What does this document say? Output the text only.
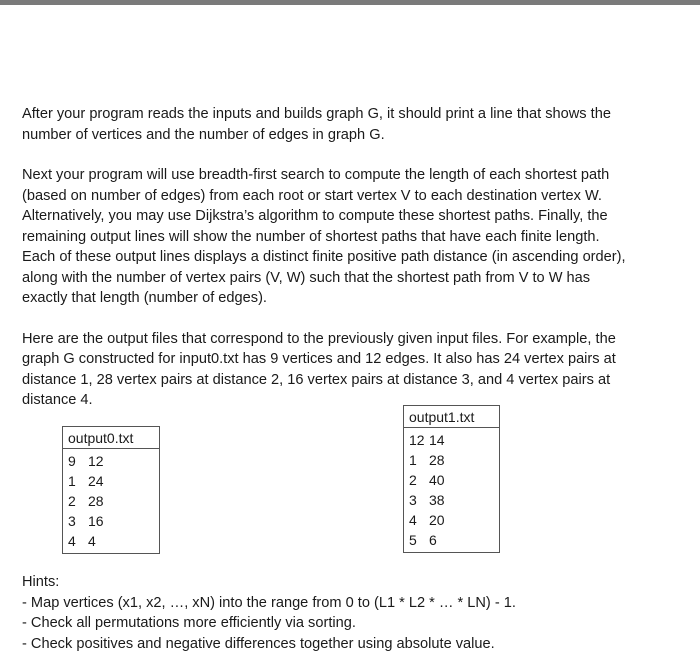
After your program reads the inputs and builds graph G, it should print a line that shows the
number of vertices and the number of edges in graph G.

Next your program will use breadth-first search to compute the length of each shortest path
(based on number of edges) from each root or start vertex V to each destination vertex W.
Alternatively, you may use Dijkstra’s algorithm to compute these shortest paths. Finally, the
remaining output lines will show the number of shortest paths that have each finite length.
Each of these output lines displays a distinct finite positive path distance (in ascending order),
along with the number of vertex pairs (V, W) such that the shortest path from V to W has
exactly that length (number of edges).

Here are the output files that correspond to the previously given input files. For example, the
graph G constructed for input0.txt has 9 vertices and 12 edges. It also has 24 vertex pairs at
distance 1, 28 vertex pairs at distance 2, 16 vertex pairs at distance 3, and 4 vertex pairs at
distance 4.

output0.txt
9 12
1 24
2 28
3 16
4 4
output1.txt
12 14
1 28
2 40
3 38
4 20
5 6
Hints:
- Map vertices (x1, x2, …, xN) into the range from 0 to (L1 * L2 * … * LN) - 1.
- Check all permutations more efficiently via sorting.
- Check positives and negative differences together using absolute value.
